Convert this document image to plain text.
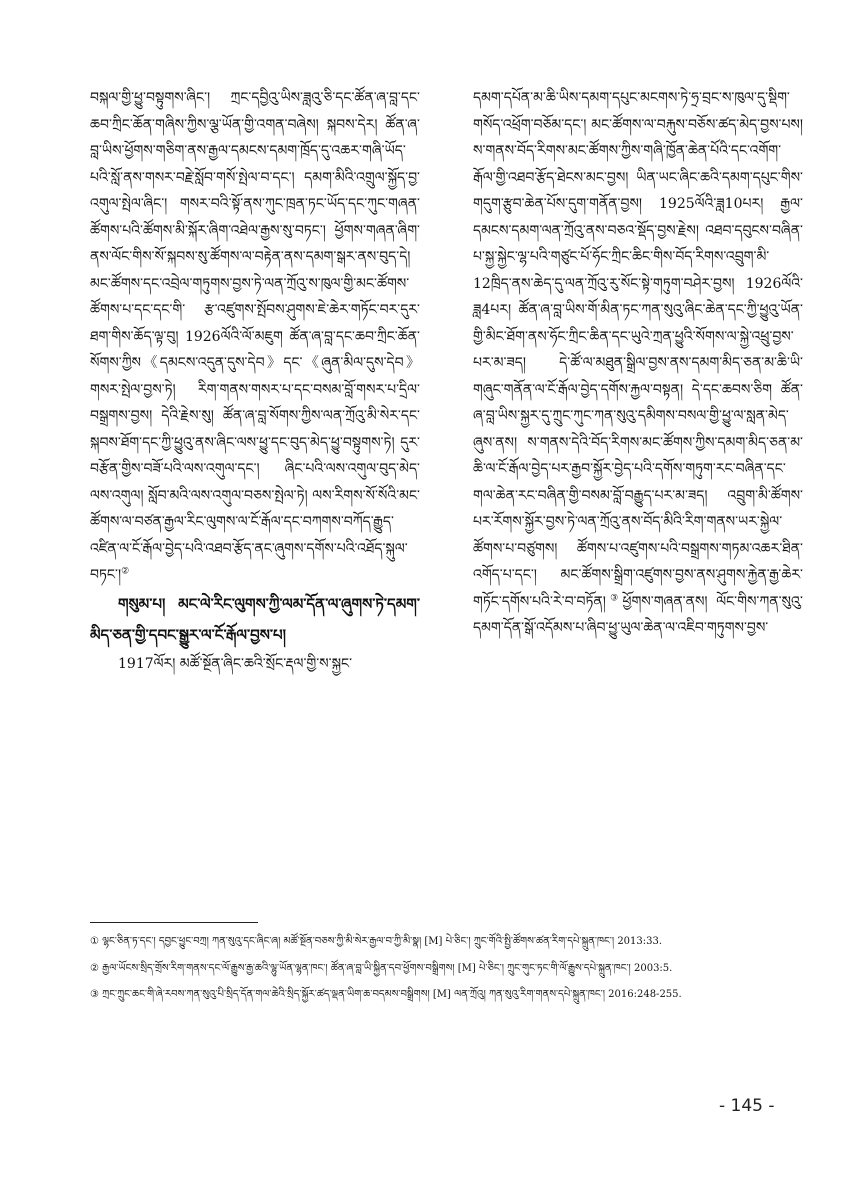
བསྐལ་གྱི་ཕྱུ་བསྟུགས་ཞིང་། ཀྲང་དབྱིའུ་ཡིས་ཟླའུ་ཅི་དང་ཚོན་ཞ་བླ་དང་ཆབ་ཀྲིང་ཆོན་གཞིས་ཀྱིས་ལྕ་ཡོན་གྱི་འགན་བཞེས། སྐབས་དེར། ཚོན་ཞ་བླ་ཡིས་ཕྱོགས་གཅིག་ནས་རྒྱལ་དམངས་དམག་ཁྲོད་དུ་འཆར་གཞི་ཡོད་པའི་སློ་ནས་གསར་བརྗེ་སློབ་གསོ་སྤེལ་བ་དང་། དམག་མིའི་འགྲུལ་སྐྱོད་བྱ་འགུལ་སྤེལ་ཞིང་། གསར་བའི་སྟོ་ནས་ཀུང་ཁྲན་ཏང་ཡོད་དང་ཀུང་གཞན་ཚོགས་པའི་ཚོགས་མི་སྐོར་ཞིག་འཐེལ་རྒྱས་སུ་བཏང་། ཕྱོགས་གཞན་ཞིག་ནས་ལོང་གིས་སོ་སྐབས་སུ་ཚོགས་ལ་བརྟེན་ནས་དམག་སྒར་ནས་བུད་དེ། མང་ཚོགས་དང་འབྲེལ་གཏུགས་བྱས་ཏེ་ལན་ཀྲོའུ་ས་ཁུལ་གྱི་མང་ཚོགས་ཚོགས་པ་དང་དང་གི་ རྩ་འཛུགས་སྤོབས་ཤུགས་ཇེ་ཆེར་གཏོང་བར་དུར་ཐག་གིས་ཆོད་ལྟ་བུ། 1926ལོའི་ལོ་མཇུག ཚོན་ཞ་བླ་དང་ཆབ་ཀྲིང་ཆོན་སོགས་ཀྱིས《དམངས་འདུན་དུས་དེབ》དང་《ཞུན་མིལ་དུས་དེབ》གསར་སྤེལ་བྱས་ཏེ། རིག་གནས་གསར་པ་དང་བསམ་བློ་གསར་པ་དྲིལ་བསྒྲགས་བྱས། དེའི་རྗེས་སུ། ཚོན་ཞ་བླ་སོགས་ཀྱིས་ལན་ཀྲོའུ་མི་སེར་དང་སྐབས་ཐོག་དང་ཀྱི་ཕྱུའུ་ནས་ཞིང་ལས་ཕྱུ་དང་བུད་མེད་ཕྱུ་བསྟུགས་ཏེ། དུར་བརྩོན་གྱིས་བཟོ་པའི་ལས་འགུལ་དང་། ཞིང་པའི་ལས་འགུལ་བུད་མེད་ལས་འགུལ། སློབ་མའི་ལས་འགུལ་བཅས་སྤེལ་ཏེ། ལས་རིགས་སོ་སོའི་མང་ཚོགས་ལ་བཙན་རྒྱལ་རིང་ལུགས་ལ་ངོ་རྒོལ་དང་བཀགས་བཀོད་རྒྱུད་འཛིན་ལ་ངོ་རྒོལ་བྱེད་པའི་འཐབ་རྩོད་ནང་ཞུགས་དགོས་པའི་འཐོད་སྐུལ་བཏང་།②

གསུམ་པ། མང་ལེ་རིང་ལུགས་ཀྱི་ལམ་དོན་ལ་ཞུགས་ཏེ་དམག་མིད་ཅན་གྱི་དབང་སྒྱུར་ལ་ངོ་རྒོལ་བྱས་པ།

1917ལོར། མཚོ་སྔོན་ཞིང་ཆའི་སྲོང་རྡལ་གྱི་ས་སྐྱང་

དམག་དཔོན་མ་ཆི་ཡིས་དམག་དཔུང་མངགས་ཏེ་ཧྲ་བྲང་ས་ཁུལ་དུ་སྡིག་གསོད་འཕྲོག་བཅོམ་དང་། མང་ཚོགས་ལ་བརྐུས་བཅོས་ཚད་མེད་བྱས་པས། ས་གནས་བོད་རིགས་མང་ཚོགས་ཀྱིས་གཞི་ཁྱོན་ཆེན་པོའི་དང་འགོག་རྒོལ་གྱི་འཐབ་རྩོད་ཐེངས་མང་བྱས། ཡིན་ཡང་ཞིང་ཆའི་དམག་དཔུང་གིས་གདུག་རྩུབ་ཆེན་པོས་དུག་གནོན་བྱས། 1925ལོའི་ཟླ10པར། རྒྱལ་དམངས་དམག་ལན་ཀྲོའུ་ནས་བཅའ་སྡོད་བྱས་རྗེས། འཐབ་དབུངས་བཞིན་པ་སྐྱ་སྐྱེང་ལྷ་པའི་གཙུང་པོ་ཧོང་ཀྲིང་ཆིང་གིས་བོད་རིགས་འབྲུག་མི་12ཁྲིད་ནས་ཆེད་དུ་ལན་ཀྲོའུ་རུ་སོང་སྟེ་གཏུག་བཤེར་བྱས། 1926ལོའི་ཟླ4པར། ཚོན་ཞ་བླ་ཡིས་གོ་མིན་ཏང་ཀན་སུའུ་ཞིང་ཆེན་དང་ཀྱི་ཕྱུའུ་ཡོན་གྱི་མིང་ཐོག་ནས་ཧོང་ཀྲིང་ཆིན་དང་ཡུའེ་ཀྲན་ཕྱུའི་སོགས་ལ་སྐྱེ་འཕྲུ་བྱས་པར་མ་ཟད། དེ་ཚོ་ལ་མཐུན་སྒྲིལ་བྱས་ནས་དམག་མིད་ཅན་མ་ཆི་ཡི་གཞུང་གནོན་ལ་ངོ་རྒོལ་བྱེད་དགོས་རྐྱལ་བསྟན། དེ་དང་ཆབས་ཅིག ཚོན་ཞ་བླ་ཡིས་སྐྱར་དུ་ཀྲུང་ཀུང་ཀན་སུའུ་དམིགས་བསལ་གྱི་ཕྱུ་ལ་སླན་མེད་ཞུས་ནས། ས་གནས་དེའི་བོད་རིགས་མང་ཚོགས་ཀྱིས་དམག་མིད་ཅན་མ་ཆི་ལ་ངོ་རྒོལ་བྱེད་པར་རྒྱབ་སྐྱོར་བྱེད་པའི་དགོས་གཏུག་རང་བཞིན་དང་གལ་ཆེན་རང་བཞིན་གྱི་བསམ་བློ་བརྒྱུད་པར་མ་ཟད། འབྲུག་མི་ཚོགས་པར་རོགས་སྐྱོར་བྱས་ཏེ་ལན་ཀྲོའུ་ནས་བོད་མིའི་རིག་གནས་ཡར་སྐྱེལ་ཚོགས་པ་བཙུགས། ཚོགས་པ་འཛུགས་པའི་བསྒྲགས་གཏམ་འཆར་ཐིན་འགོད་པ་དང་། མང་ཚོགས་སྒྲིག་འཛུགས་བྱས་ནས་ཤུགས་རྐྱེན་རྒྱ་ཆེར་གཏོང་དགོས་པའི་རེ་བ་བཏོན།③ཕྱོགས་གཞན་ནས། ལོང་གིས་ཀན་སུའུ་དམག་དོན་སྒོ་འདོམས་པ་ཞིབ་ཕྱུ་ཡུལ་ཆེན་ལ་འཇིབ་གཏུགས་བྱས་

① ལྷང་ཅིན་ཏ་དང་། དབྱང་ཕྱུང་བཀྲ། ཀན་སུའུ་དང་ཞིང་ཞ། མཚོ་སྔོན་བཅས་ཀྱི་མི་སེར་རྒྱལ་བ་ཀྱི་མི་སྣ། [M] པེ་ཅིང་། ཀྲུང་གོའི་སྤྱི་ཚོགས་ཚན་རིག་དཔེ་སྐྲུན་ཁང་། 2013:33.
② རྒྱལ་ཡོངས་སྲིད་གྲོས་རིག་གནས་དང་ལོ་རྒྱུས་རྒྱ་ཆའི་ལྷུ་ཡོན་ལྷན་ཁང་། ཚོན་ཞ་བླ་ཡི་སྐྱིན་དབ་ཕྱོགས་བསྒྲིགས། [M] པེ་ཅིང་། ཀྲུང་གུང་ཏང་གི་ལོ་རྒྱུས་དཔེ་སྐྲུན་ཁང་། 2003:5.
③ ཀྲང་ཀྲུང་ཆང་གི་ཞེ་རབས་ཀན་སུའུ་པི་སྲིད་དོན་གལ་ཆེའི་སྲིད་སྐྱོར་ཚད་ལྡན་ཡིག་ཆ་བདམས་བསྒྲིགས། [M] ལན་ཀྲོའུ། ཀན་སུའུ་རིག་གནས་དཔེ་སྐྲུན་ཁང་། 2016:248-255.
- 145 -
